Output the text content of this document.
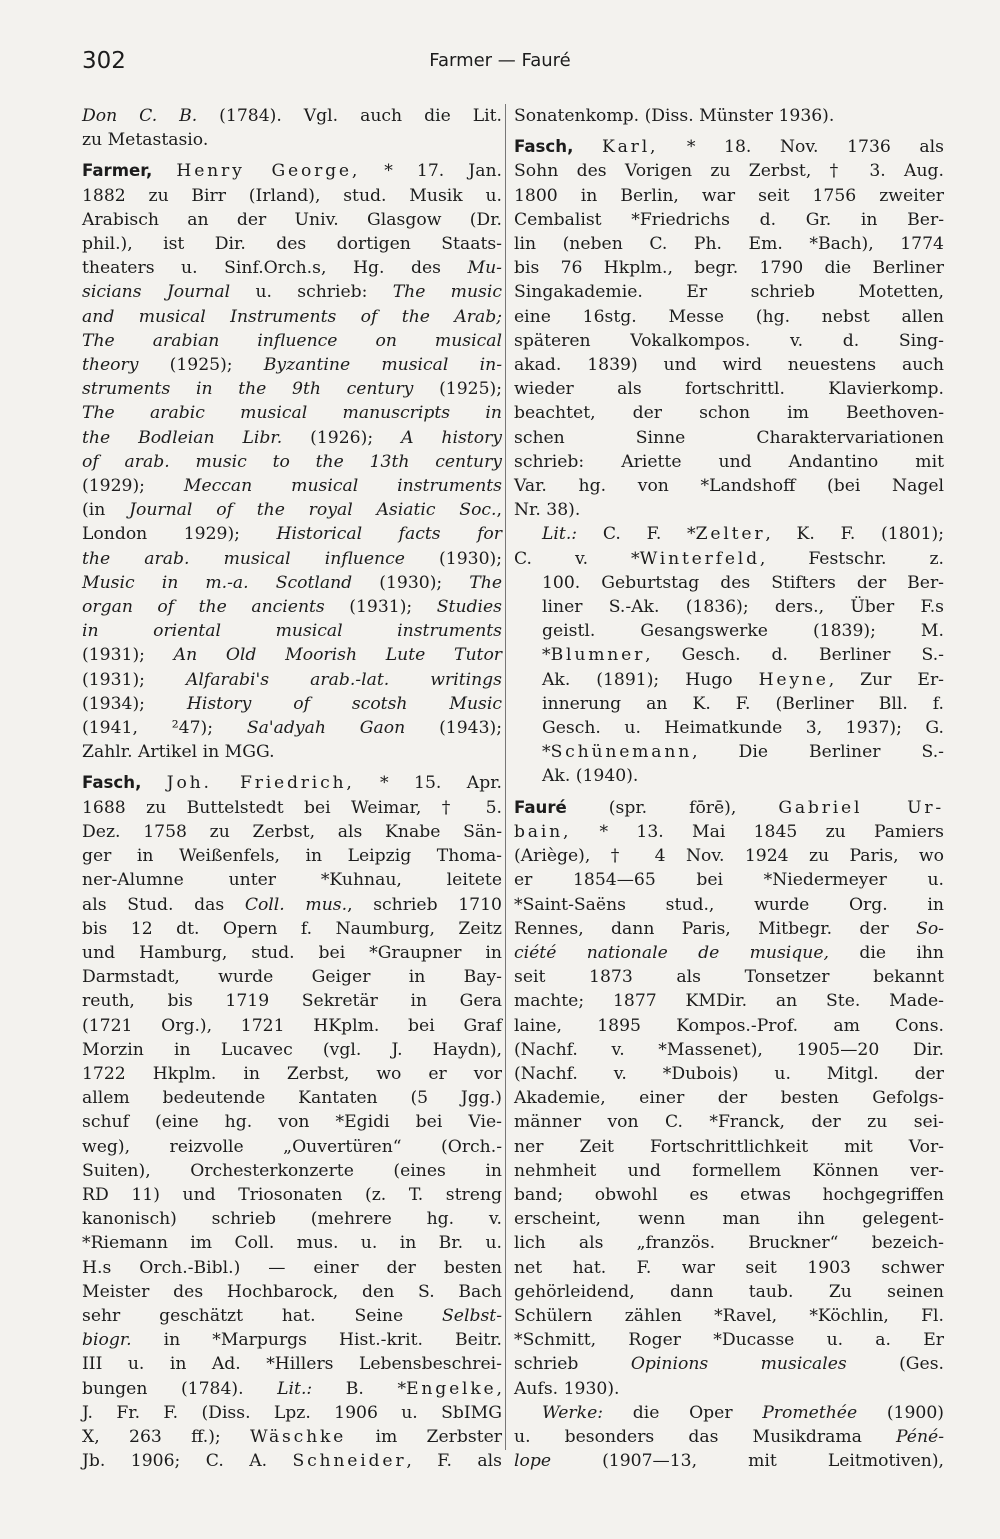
302	Farmer — Fauré

Don C. B. (1784). Vgl. auch die Lit.
zu Metastasio.

Farmer, Henry George, * 17. Jan.
1882 zu Birr (Irland), stud. Musik u.
Arabisch an der Univ. Glasgow (Dr.
phil.), ist Dir. des dortigen Staats-
theaters u. Sinf.Orch.s, Hg. des Mu-
sicians Journal u. schrieb: The music
and musical Instruments of the Arab;
The arabian influence on musical
theory (1925); Byzantine musical in-
struments in the 9th century (1925);
The arabic musical manuscripts in
the Bodleian Libr. (1926); A history
of arab. music to the 13th century
(1929); Meccan musical instruments
(in Journal of the royal Asiatic Soc.,
London 1929); Historical facts for
the arab. musical influence (1930);
Music in m.-a. Scotland (1930); The
organ of the ancients (1931); Studies
in oriental musical instruments
(1931); An Old Moorish Lute Tutor
(1931); Alfarabi's arab.-lat. writings
(1934); History of scotsh Music
(1941, ²47); Sa'adyah Gaon (1943);
Zahlr. Artikel in MGG.

Fasch, Joh. Friedrich, * 15. Apr.
1688 zu Buttelstedt bei Weimar, † 5.
Dez. 1758 zu Zerbst, als Knabe Sän-
ger in Weißenfels, in Leipzig Thoma-
ner-Alumne unter *Kuhnau, leitete
als Stud. das Coll. mus., schrieb 1710
bis 12 dt. Opern f. Naumburg, Zeitz
und Hamburg, stud. bei *Graupner in
Darmstadt, wurde Geiger in Bay-
reuth, bis 1719 Sekretär in Gera
(1721 Org.), 1721 HKplm. bei Graf
Morzin in Lucavec (vgl. J. Haydn),
1722 Hkplm. in Zerbst, wo er vor
allem bedeutende Kantaten (5 Jgg.)
schuf (eine hg. von *Egidi bei Vie-
weg), reizvolle „Ouvertüren“ (Orch.-
Suiten), Orchesterkonzerte (eines in
RD 11) und Triosonaten (z. T. streng
kanonisch) schrieb (mehrere hg. v.
*Riemann im Coll. mus. u. in Br. u.
H.s Orch.-Bibl.) — einer der besten
Meister des Hochbarock, den S. Bach
sehr geschätzt hat. Seine Selbst-
biogr. in *Marpurgs Hist.-krit. Beitr.
III u. in Ad. *Hillers Lebensbeschrei-
bungen (1784). Lit.: B. *Engelke,
J. Fr. F. (Diss. Lpz. 1906 u. SbIMG
X, 263 ff.); Wäschke im Zerbster
Jb. 1906; C. A. Schneider, F. als

Sonatenkomp. (Diss. Münster 1936).

Fasch, Karl, * 18. Nov. 1736 als
Sohn des Vorigen zu Zerbst, † 3. Aug.
1800 in Berlin, war seit 1756 zweiter
Cembalist *Friedrichs d. Gr. in Ber-
lin (neben C. Ph. Em. *Bach), 1774
bis 76 Hkplm., begr. 1790 die Berliner
Singakademie. Er schrieb Motetten,
eine 16stg. Messe (hg. nebst allen
späteren Vokalkompos. v. d. Sing-
akad. 1839) und wird neuestens auch
wieder als fortschrittl. Klavierkomp.
beachtet, der schon im Beethoven-
schen Sinne Charaktervariationen
schrieb: Ariette und Andantino mit
Var. hg. von *Landshoff (bei Nagel
Nr. 38).

Lit.: C. F. *Zelter, K. F. (1801);
C. v. *Winterfeld, Festschr. z.
100. Geburtstag des Stifters der Ber-
liner S.-Ak. (1836); ders., Über F.s
geistl. Gesangswerke (1839); M.
*Blumner, Gesch. d. Berliner S.-
Ak. (1891); Hugo Heyne, Zur Er-
innerung an K. F. (Berliner Bll. f.
Gesch. u. Heimatkunde 3, 1937); G.
*Schünemann, Die Berliner S.-
Ak. (1940).

Fauré (spr. fōrē), Gabriel Ur-
bain, * 13. Mai 1845 zu Pamiers
(Ariège), † 4 Nov. 1924 zu Paris, wo
er 1854—65 bei *Niedermeyer u.
*Saint-Saëns stud., wurde Org. in
Rennes, dann Paris, Mitbegr. der So-
ciété nationale de musique, die ihn
seit 1873 als Tonsetzer bekannt
machte; 1877 KMDir. an Ste. Made-
laine, 1895 Kompos.-Prof. am Cons.
(Nachf. v. *Massenet), 1905—20 Dir.
(Nachf. v. *Dubois) u. Mitgl. der
Akademie, einer der besten Gefolgs-
männer von C. *Franck, der zu sei-
ner Zeit Fortschrittlichkeit mit Vor-
nehmheit und formellem Können ver-
band; obwohl es etwas hochgegriffen
erscheint, wenn man ihn gelegent-
lich als „französ. Bruckner“ bezeich-
net hat. F. war seit 1903 schwer
gehörleidend, dann taub. Zu seinen
Schülern zählen *Ravel, *Köchlin, Fl.
*Schmitt, Roger *Ducasse u. a. Er
schrieb Opinions musicales (Ges.
Aufs. 1930).

Werke: die Oper Promethée (1900)
u. besonders das Musikdrama Péné-
lope (1907—13, mit Leitmotiven),
